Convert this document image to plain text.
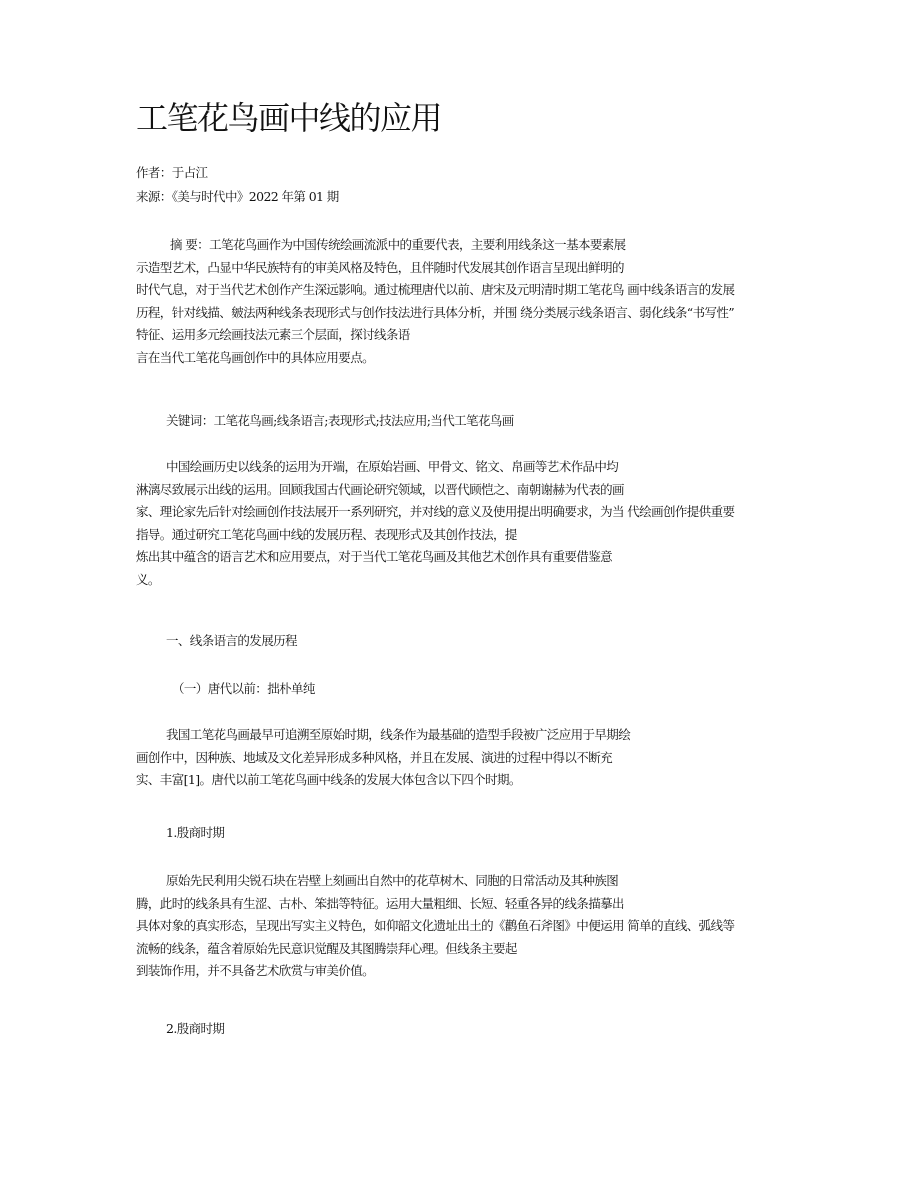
工笔花鸟画中线的应用
作者：于占江
来源：《美与时代中》2022 年第 01 期

摘 要：工笔花鸟画作为中国传统绘画流派中的重要代表，主要利用线条这一基本要素展
示造型艺术，凸显中华民族特有的审美风格及特色，且伴随时代发展其创作语言呈现出鲜明的
时代气息，对于当代艺术创作产生深远影响。通过梳理唐代以前、唐宋及元明清时期工笔花鸟 画中线条语言的发展
历程，针对线描、皴法两种线条表现形式与创作技法进行具体分析，并围 绕分类展示线条语言、弱化线条“书写性”
特征、运用多元绘画技法元素三个层面，探讨线条语
言在当代工笔花鸟画创作中的具体应用要点。

关键词：工笔花鸟画;线条语言;表现形式;技法应用;当代工笔花鸟画

中国绘画历史以线条的运用为开端，在原始岩画、甲骨文、铭文、帛画等艺术作品中均
淋漓尽致展示出线的运用。回顾我国古代画论研究领域，以晋代顾恺之、南朝谢赫为代表的画
家、理论家先后针对绘画创作技法展开一系列研究，并对线的意义及使用提出明确要求，为当 代绘画创作提供重要
指导。通过研究工笔花鸟画中线的发展历程、表现形式及其创作技法，提
炼出其中蕴含的语言艺术和应用要点，对于当代工笔花鸟画及其他艺术创作具有重要借鉴意
义。

一、线条语言的发展历程
（一）唐代以前：拙朴单纯

我国工笔花鸟画最早可追溯至原始时期，线条作为最基础的造型手段被广泛应用于早期绘
画创作中，因种族、地域及文化差异形成多种风格，并且在发展、演进的过程中得以不断充
实、丰富[1]。唐代以前工笔花鸟画中线条的发展大体包含以下四个时期。

1.殷商时期

原始先民利用尖锐石块在岩壁上刻画出自然中的花草树木、同胞的日常活动及其种族图
腾，此时的线条具有生涩、古朴、笨拙等特征。运用大量粗细、长短、轻重各异的线条描摹出
具体对象的真实形态，呈现出写实主义特色，如仰韶文化遗址出土的《鹳鱼石斧图》中便运用 简单的直线、弧线等
流畅的线条，蕴含着原始先民意识觉醒及其图腾崇拜心理。但线条主要起
到装饰作用，并不具备艺术欣赏与审美价值。

2.殷商时期
